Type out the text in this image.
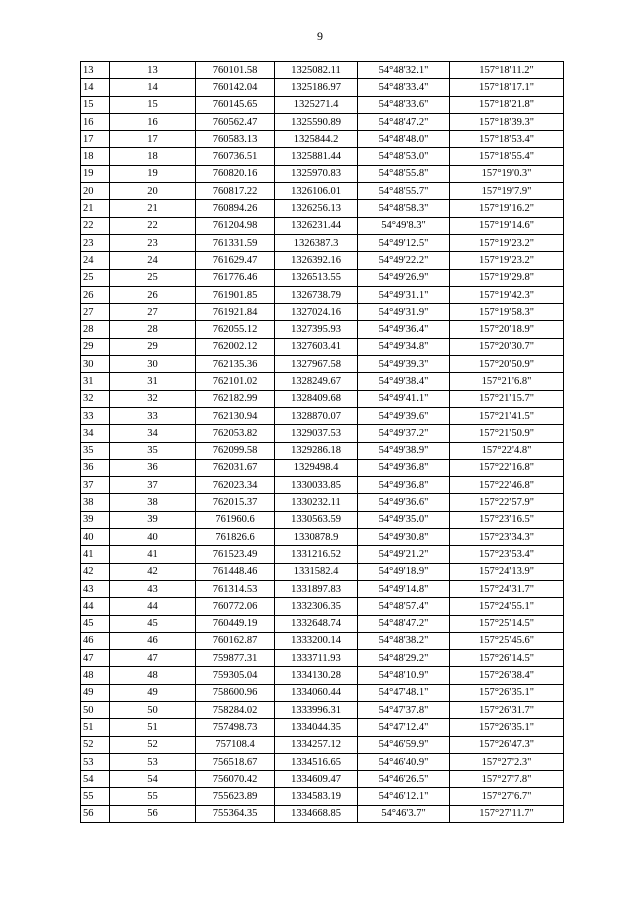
9
13	13	760101.58	1325082.11	54°48'32.1"	157°18'11.2"
14	14	760142.04	1325186.97	54°48'33.4"	157°18'17.1"
15	15	760145.65	1325271.4	54°48'33.6"	157°18'21.8"
16	16	760562.47	1325590.89	54°48'47.2"	157°18'39.3"
17	17	760583.13	1325844.2	54°48'48.0"	157°18'53.4"
18	18	760736.51	1325881.44	54°48'53.0"	157°18'55.4"
19	19	760820.16	1325970.83	54°48'55.8"	157°19'0.3"
20	20	760817.22	1326106.01	54°48'55.7"	157°19'7.9"
21	21	760894.26	1326256.13	54°48'58.3"	157°19'16.2"
22	22	761204.98	1326231.44	54°49'8.3"	157°19'14.6"
23	23	761331.59	1326387.3	54°49'12.5"	157°19'23.2"
24	24	761629.47	1326392.16	54°49'22.2"	157°19'23.2"
25	25	761776.46	1326513.55	54°49'26.9"	157°19'29.8"
26	26	761901.85	1326738.79	54°49'31.1"	157°19'42.3"
27	27	761921.84	1327024.16	54°49'31.9"	157°19'58.3"
28	28	762055.12	1327395.93	54°49'36.4"	157°20'18.9"
29	29	762002.12	1327603.41	54°49'34.8"	157°20'30.7"
30	30	762135.36	1327967.58	54°49'39.3"	157°20'50.9"
31	31	762101.02	1328249.67	54°49'38.4"	157°21'6.8"
32	32	762182.99	1328409.68	54°49'41.1"	157°21'15.7"
33	33	762130.94	1328870.07	54°49'39.6"	157°21'41.5"
34	34	762053.82	1329037.53	54°49'37.2"	157°21'50.9"
35	35	762099.58	1329286.18	54°49'38.9"	157°22'4.8"
36	36	762031.67	1329498.4	54°49'36.8"	157°22'16.8"
37	37	762023.34	1330033.85	54°49'36.8"	157°22'46.8"
38	38	762015.37	1330232.11	54°49'36.6"	157°22'57.9"
39	39	761960.6	1330563.59	54°49'35.0"	157°23'16.5"
40	40	761826.6	1330878.9	54°49'30.8"	157°23'34.3"
41	41	761523.49	1331216.52	54°49'21.2"	157°23'53.4"
42	42	761448.46	1331582.4	54°49'18.9"	157°24'13.9"
43	43	761314.53	1331897.83	54°49'14.8"	157°24'31.7"
44	44	760772.06	1332306.35	54°48'57.4"	157°24'55.1"
45	45	760449.19	1332648.74	54°48'47.2"	157°25'14.5"
46	46	760162.87	1333200.14	54°48'38.2"	157°25'45.6"
47	47	759877.31	1333711.93	54°48'29.2"	157°26'14.5"
48	48	759305.04	1334130.28	54°48'10.9"	157°26'38.4"
49	49	758600.96	1334060.44	54°47'48.1"	157°26'35.1"
50	50	758284.02	1333996.31	54°47'37.8"	157°26'31.7"
51	51	757498.73	1334044.35	54°47'12.4"	157°26'35.1"
52	52	757108.4	1334257.12	54°46'59.9"	157°26'47.3"
53	53	756518.67	1334516.65	54°46'40.9"	157°27'2.3"
54	54	756070.42	1334609.47	54°46'26.5"	157°27'7.8"
55	55	755623.89	1334583.19	54°46'12.1"	157°27'6.7"
56	56	755364.35	1334668.85	54°46'3.7"	157°27'11.7"
